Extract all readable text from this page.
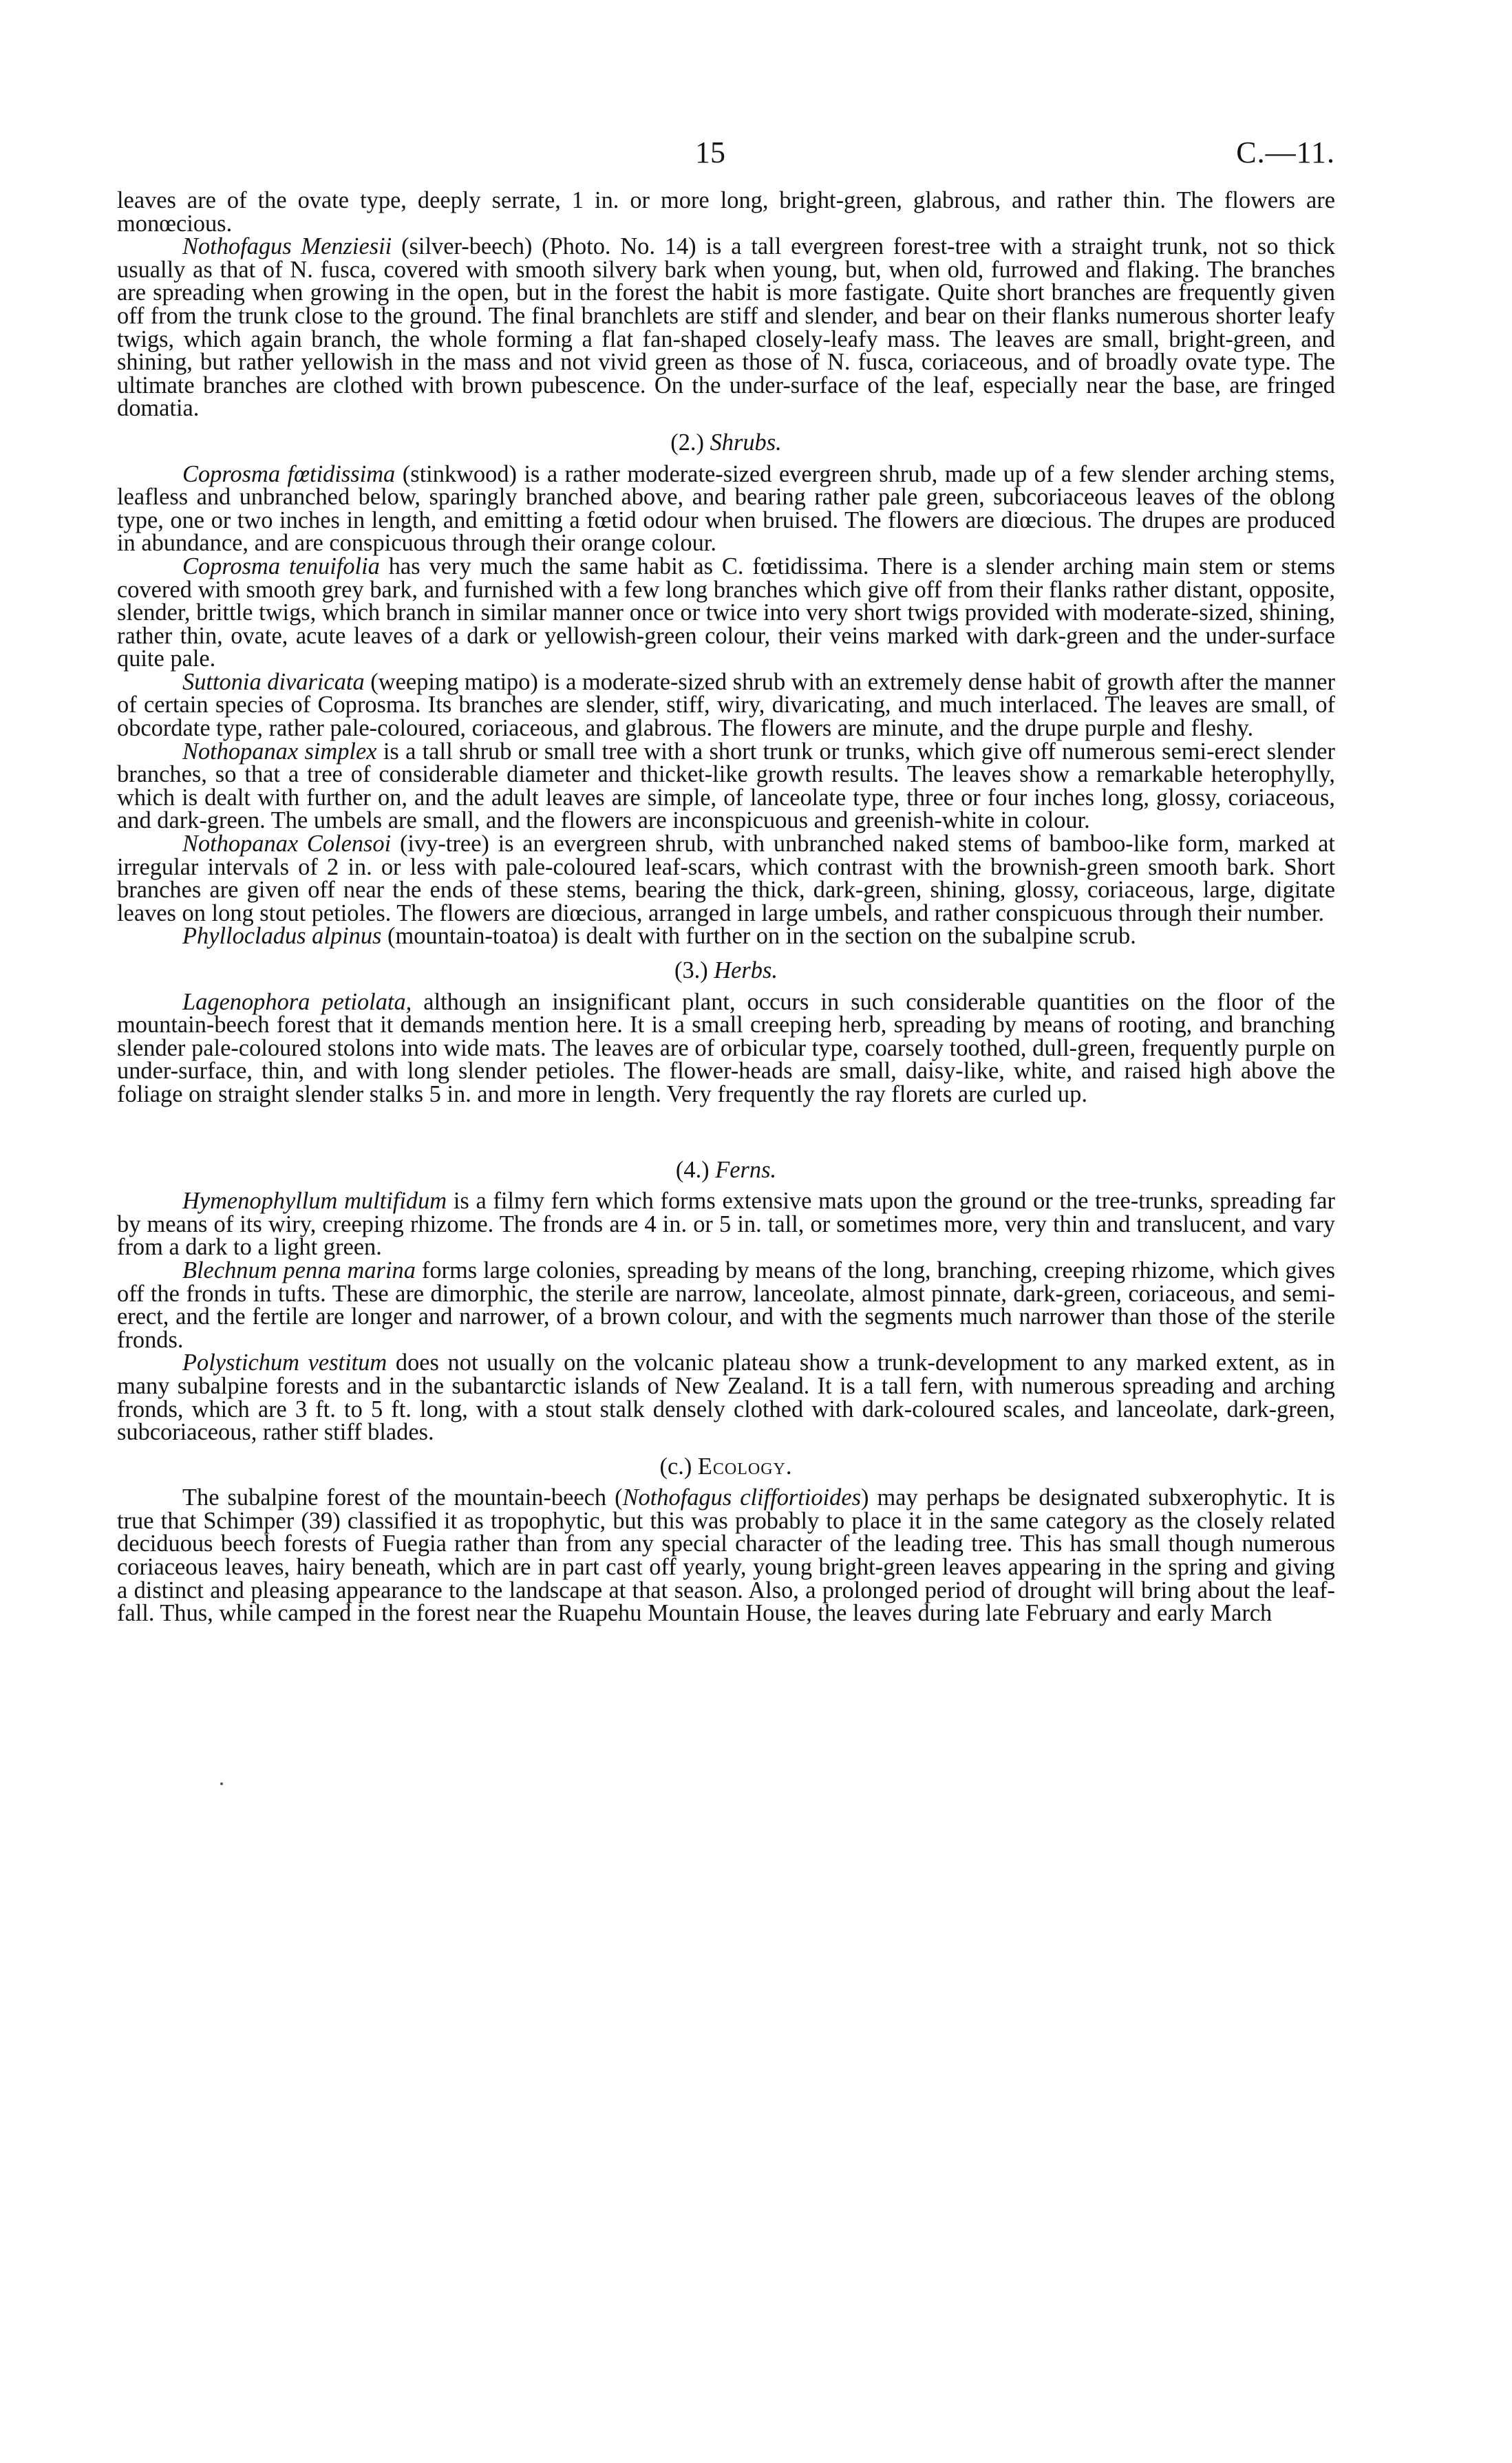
15	C.—11.

leaves are of the ovate type, deeply serrate, 1 in. or more long, bright-green, glabrous, and rather thin. The flowers are monœcious.

Nothofagus Menziesii (silver-beech) (Photo. No. 14) is a tall evergreen forest-tree with a straight trunk, not so thick usually as that of N. fusca, covered with smooth silvery bark when young, but, when old, furrowed and flaking. The branches are spreading when growing in the open, but in the forest the habit is more fastigate. Quite short branches are frequently given off from the trunk close to the ground. The final branchlets are stiff and slender, and bear on their flanks numerous shorter leafy twigs, which again branch, the whole forming a flat fan-shaped closely-leafy mass. The leaves are small, bright-green, and shining, but rather yellowish in the mass and not vivid green as those of N. fusca, coriaceous, and of broadly ovate type. The ultimate branches are clothed with brown pubescence. On the under-surface of the leaf, especially near the base, are fringed domatia.

(2.) Shrubs.

Coprosma fœtidissima (stinkwood) is a rather moderate-sized evergreen shrub, made up of a few slender arching stems, leafless and unbranched below, sparingly branched above, and bearing rather pale green, subcoriaceous leaves of the oblong type, one or two inches in length, and emitting a fœtid odour when bruised. The flowers are diœcious. The drupes are produced in abundance, and are conspicuous through their orange colour.

Coprosma tenuifolia has very much the same habit as C. fœtidissima. There is a slender arching main stem or stems covered with smooth grey bark, and furnished with a few long branches which give off from their flanks rather distant, opposite, slender, brittle twigs, which branch in similar manner once or twice into very short twigs provided with moderate-sized, shining, rather thin, ovate, acute leaves of a dark or yellowish-green colour, their veins marked with dark-green and the under-surface quite pale.

Suttonia divaricata (weeping matipo) is a moderate-sized shrub with an extremely dense habit of growth after the manner of certain species of Coprosma. Its branches are slender, stiff, wiry, divaricating, and much interlaced. The leaves are small, of obcordate type, rather pale-coloured, coriaceous, and glabrous. The flowers are minute, and the drupe purple and fleshy.

Nothopanax simplex is a tall shrub or small tree with a short trunk or trunks, which give off numerous semi-erect slender branches, so that a tree of considerable diameter and thicket-like growth results. The leaves show a remarkable heterophylly, which is dealt with further on, and the adult leaves are simple, of lanceolate type, three or four inches long, glossy, coriaceous, and dark-green. The umbels are small, and the flowers are inconspicuous and greenish-white in colour.

Nothopanax Colensoi (ivy-tree) is an evergreen shrub, with unbranched naked stems of bamboo-like form, marked at irregular intervals of 2 in. or less with pale-coloured leaf-scars, which contrast with the brownish-green smooth bark. Short branches are given off near the ends of these stems, bearing the thick, dark-green, shining, glossy, coriaceous, large, digitate leaves on long stout petioles. The flowers are diœcious, arranged in large umbels, and rather conspicuous through their number.

Phyllocladus alpinus (mountain-toatoa) is dealt with further on in the section on the subalpine scrub.

(3.) Herbs.

Lagenophora petiolata, although an insignificant plant, occurs in such considerable quantities on the floor of the mountain-beech forest that it demands mention here. It is a small creeping herb, spreading by means of rooting, and branching slender pale-coloured stolons into wide mats. The leaves are of orbicular type, coarsely toothed, dull-green, frequently purple on under-surface, thin, and with long slender petioles. The flower-heads are small, daisy-like, white, and raised high above the foliage on straight slender stalks 5 in. and more in length. Very frequently the ray florets are curled up.

(4.) Ferns.

Hymenophyllum multifidum is a filmy fern which forms extensive mats upon the ground or the tree-trunks, spreading far by means of its wiry, creeping rhizome. The fronds are 4 in. or 5 in. tall, or sometimes more, very thin and translucent, and vary from a dark to a light green.

Blechnum penna marina forms large colonies, spreading by means of the long, branching, creeping rhizome, which gives off the fronds in tufts. These are dimorphic, the sterile are narrow, lanceolate, almost pinnate, dark-green, coriaceous, and semi-erect, and the fertile are longer and narrower, of a brown colour, and with the segments much narrower than those of the sterile fronds.

Polystichum vestitum does not usually on the volcanic plateau show a trunk-development to any marked extent, as in many subalpine forests and in the subantarctic islands of New Zealand. It is a tall fern, with numerous spreading and arching fronds, which are 3 ft. to 5 ft. long, with a stout stalk densely clothed with dark-coloured scales, and lanceolate, dark-green, subcoriaceous, rather stiff blades.

(c.) Ecology.

The subalpine forest of the mountain-beech (Nothofagus cliffortioides) may perhaps be designated subxerophytic. It is true that Schimper (39) classified it as tropophytic, but this was probably to place it in the same category as the closely related deciduous beech forests of Fuegia rather than from any special character of the leading tree. This has small though numerous coriaceous leaves, hairy beneath, which are in part cast off yearly, young bright-green leaves appearing in the spring and giving a distinct and pleasing appearance to the landscape at that season. Also, a prolonged period of drought will bring about the leaf-fall. Thus, while camped in the forest near the Ruapehu Mountain House, the leaves during late February and early March
